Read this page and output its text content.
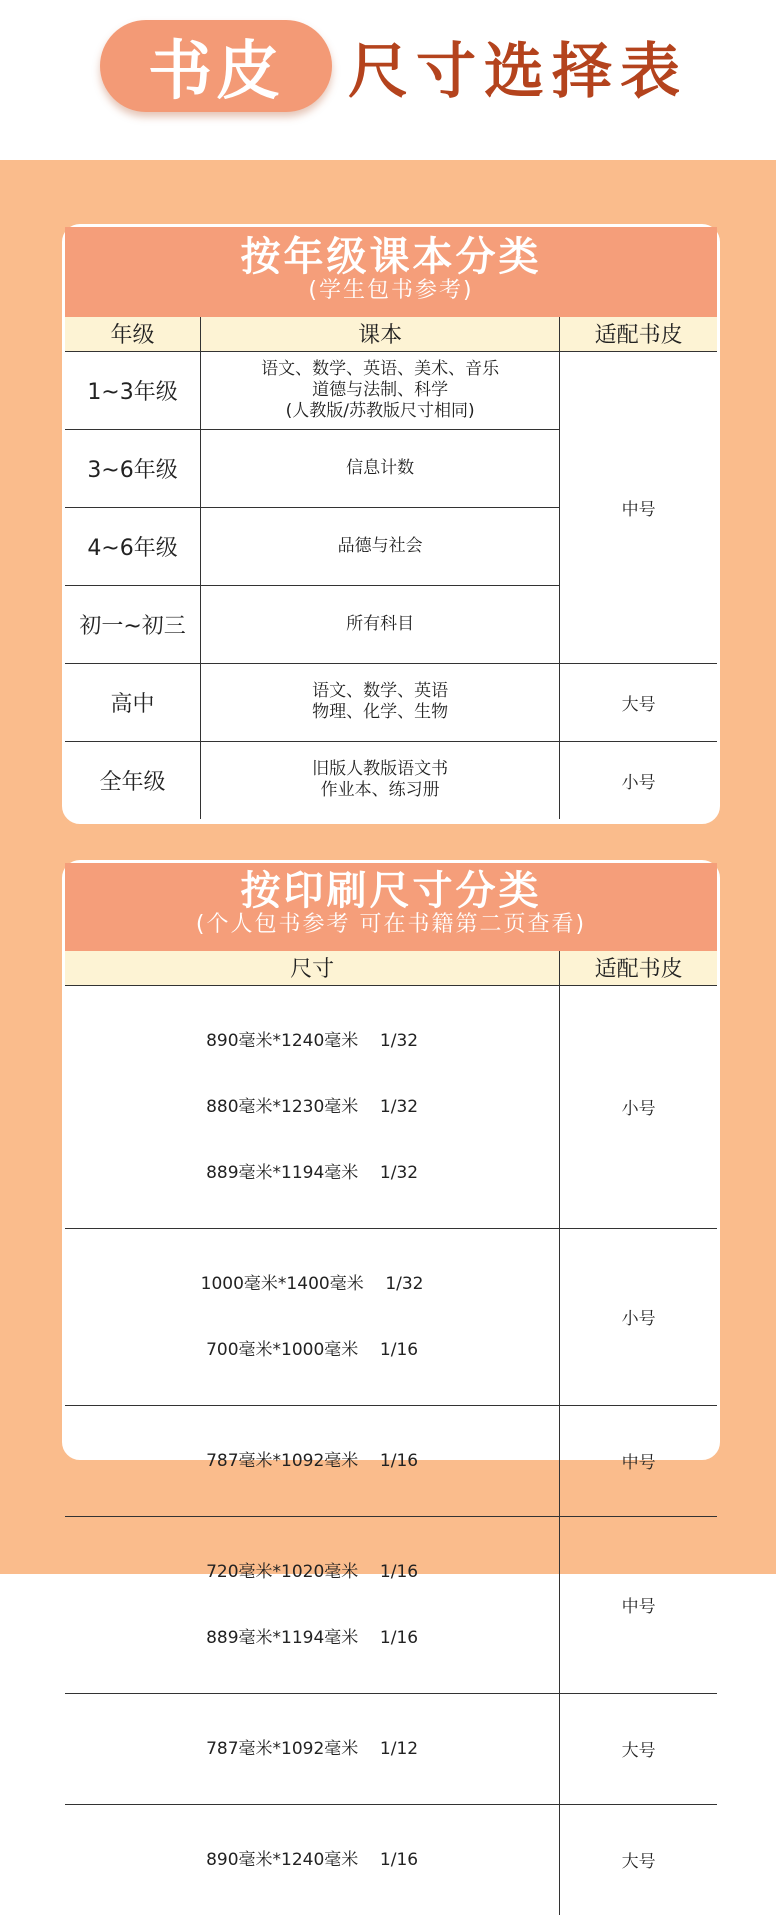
书皮 尺寸选择表
按年级课本分类
(学生包书参考)
年级	课本	适配书皮
1~3年级	语文、数学、英语、美术、音乐
道德与法制、科学
(人教版/苏教版尺寸相同)	中号
3~6年级	信息计数	

4~6年级	品德与社会	

初一~初三	所有科目	

高中	语文、数学、英语
物理、化学、生物	大号
全年级	旧版人教版语文书
作业本、练习册	小号
按印刷尺寸分类
(个人包书参考 可在书籍第二页查看)
尺寸	适配书皮

890毫米*1240毫米    1/32

880毫米*1230毫米    1/32

889毫米*1194毫米    1/32	小号

1000毫米*1400毫米    1/32

700毫米*1000毫米    1/16	小号

787毫米*1092毫米    1/16	中号

720毫米*1020毫米    1/16

889毫米*1194毫米    1/16	中号

787毫米*1092毫米    1/12	大号

890毫米*1240毫米    1/16	大号
